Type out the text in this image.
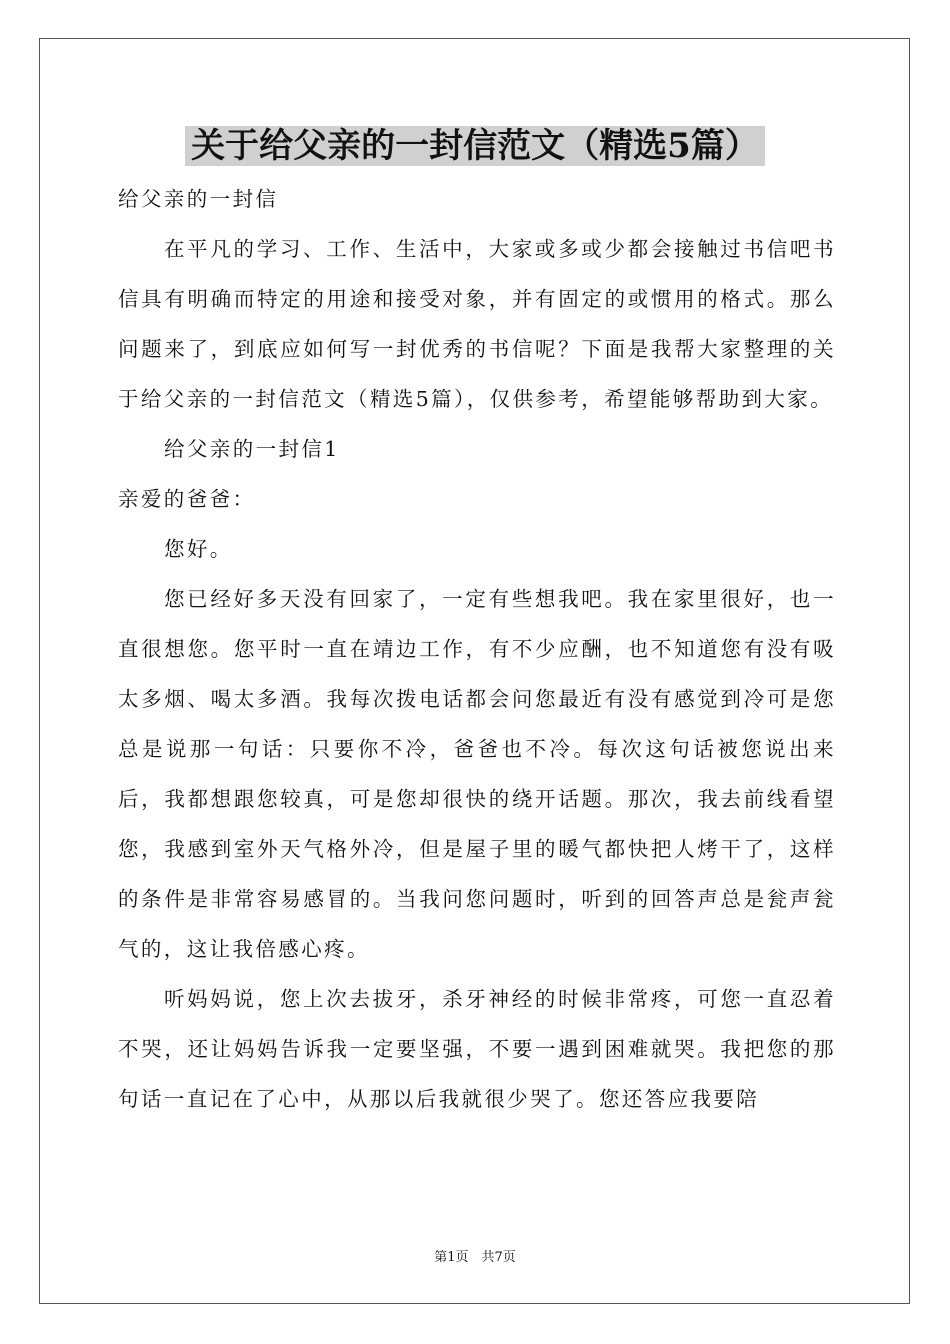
关于给父亲的一封信范文（精选5篇）

给父亲的一封信

在平凡的学习、工作、生活中，大家或多或少都会接触过书信吧书信具有明确而特定的用途和接受对象，并有固定的或惯用的格式。那么问题来了，到底应如何写一封优秀的书信呢？下面是我帮大家整理的关于给父亲的一封信范文（精选5篇），仅供参考，希望能够帮助到大家。

给父亲的一封信1

亲爱的爸爸：

您好。

您已经好多天没有回家了，一定有些想我吧。我在家里很好，也一直很想您。您平时一直在靖边工作，有不少应酬，也不知道您有没有吸太多烟、喝太多酒。我每次拨电话都会问您最近有没有感觉到冷可是您总是说那一句话：只要你不冷，爸爸也不冷。每次这句话被您说出来后，我都想跟您较真，可是您却很快的绕开话题。那次，我去前线看望您，我感到室外天气格外冷，但是屋子里的暖气都快把人烤干了，这样的条件是非常容易感冒的。当我问您问题时，听到的回答声总是瓮声瓮气的，这让我倍感心疼。

听妈妈说，您上次去拔牙，杀牙神经的时候非常疼，可您一直忍着不哭，还让妈妈告诉我一定要坚强，不要一遇到困难就哭。我把您的那句话一直记在了心中，从那以后我就很少哭了。您还答应我要陪

第1页　共7页
